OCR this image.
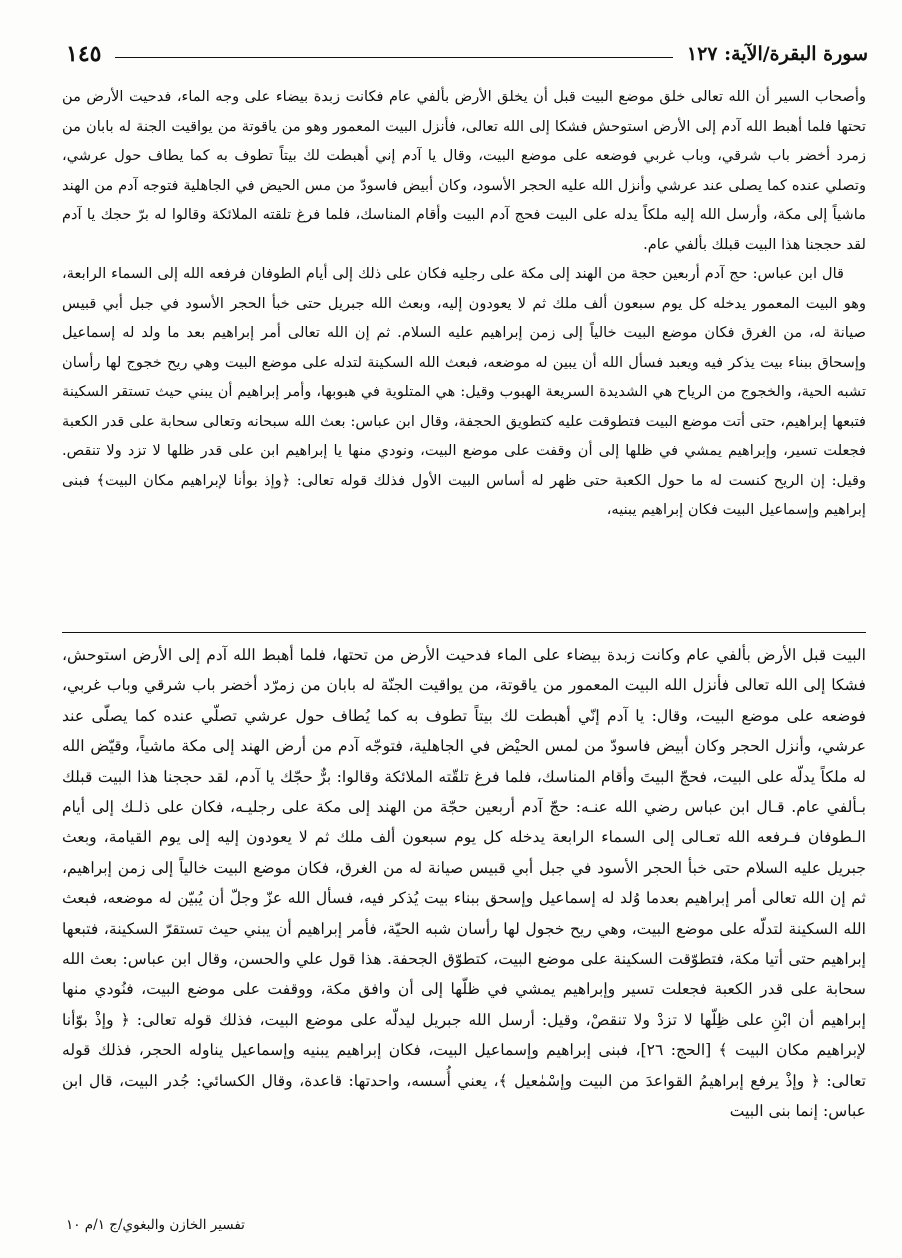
سورة البقرة/الآية: ١٢٧
١٤٥

وأصحاب السير أن الله تعالى خلق موضع البيت قبل أن يخلق الأرض بألفي عام فكانت زبدة بيضاء على وجه الماء، فدحيت الأرض من تحتها فلما أهبط الله آدم إلى الأرض استوحش فشكا إلى الله تعالى، فأنزل البيت المعمور وهو من ياقوتة من يواقيت الجنة له بابان من زمرد أخضر باب شرقي، وباب غربي فوضعه على موضع البيت، وقال يا آدم إني أهبطت لك بيتاً تطوف به كما يطاف حول عرشي، وتصلي عنده كما يصلى عند عرشي وأنزل الله عليه الحجر الأسود، وكان أبيض فاسودّ من مس الحيض في الجاهلية فتوجه آدم من الهند ماشياً إلى مكة، وأرسل الله إليه ملكاً يدله على البيت فحج آدم البيت وأقام المناسك، فلما فرغ تلقته الملائكة وقالوا له برّ حجك يا آدم لقد حججنا هذا البيت قبلك بألفي عام.

قال ابن عباس: حج آدم أربعين حجة من الهند إلى مكة على رجليه فكان على ذلك إلى أيام الطوفان فرفعه الله إلى السماء الرابعة، وهو البيت المعمور يدخله كل يوم سبعون ألف ملك ثم لا يعودون إليه، وبعث الله جبريل حتى خبأ الحجر الأسود في جبل أبي قبيس صيانة له، من الغرق فكان موضع البيت خالياً إلى زمن إبراهيم عليه السلام. ثم إن الله تعالى أمر إبراهيم بعد ما ولد له إسماعيل وإسحاق ببناء بيت يذكر فيه ويعبد فسأل الله أن يبين له موضعه، فبعث الله السكينة لتدله على موضع البيت وهي ريح خجوج لها رأسان تشبه الحية، والخجوج من الرياح هي الشديدة السريعة الهبوب وقيل: هي المتلوية في هبوبها، وأمر إبراهيم أن يبني حيث تستقر السكينة فتبعها إبراهيم، حتى أتت موضع البيت فتطوقت عليه كتطويق الحجفة، وقال ابن عباس: بعث الله سبحانه وتعالى سحابة على قدر الكعبة فجعلت تسير، وإبراهيم يمشي في ظلها إلى أن وقفت على موضع البيت، ونودي منها يا إبراهيم ابن على قدر ظلها لا تزد ولا تنقص. وقيل: إن الريح كنست له ما حول الكعبة حتى ظهر له أساس البيت الأول فذلك قوله تعالى: ﴿وإذ بوأنا لإبراهيم مكان البيت﴾ فبنى إبراهيم وإسماعيل البيت فكان إبراهيم يبنيه،

البيت قبل الأرض بألفي عام وكانت زبدة بيضاء على الماء فدحيت الأرض من تحتها، فلما أهبط الله آدم إلى الأرض استوحش، فشكا إلى الله تعالى فأنزل الله البيت المعمور من ياقوتة، من يواقيت الجنّة له بابان من زمرّد أخضر باب شرقي وباب غربي، فوضعه على موضع البيت، وقال: يا آدم إنّي أهبطت لك بيتاً تطوف به كما يُطاف حول عرشي تصلّي عنده كما يصلّى عند عرشي، وأنزل الحجر وكان أبيض فاسودّ من لمس الحيْض في الجاهلية، فتوجّه آدم من أرض الهند إلى مكة ماشياً، وقيّض الله له ملكاً يدلّه على البيت، فحجّ البيتَ وأقام المناسك، فلما فرغ تلقّته الملائكة وقالوا: برٌّ حجّك يا آدم، لقد حججنا هذا البيت قبلك بـألفي عام. قـال ابن عباس رضي الله عنـه: حجّ آدم أربعين حجّة من الهند إلى مكة على رجليـه، فكان على ذلـك إلى أيام الـطوفان فـرفعه الله تعـالى إلى السماء الرابعة يدخله كل يوم سبعون ألف ملك ثم لا يعودون إليه إلى يوم القيامة، وبعث جبريل عليه السلام حتى خبأ الحجر الأسود في جبل أبي قبيس صيانة له من الغرق، فكان موضع البيت خالياً إلى زمن إبراهيم، ثم إن الله تعالى أمر إبراهيم بعدما وُلد له إسماعيل وإسحق ببناء بيت يُذكر فيه، فسأل الله عزّ وجلّ أن يُبيّن له موضعه، فبعث الله السكينة لتدلّه على موضع البيت، وهي ريح خجول لها رأسان شبه الحيّة، فأمر إبراهيم أن يبني حيث تستقرّ السكينة، فتبعها إبراهيم حتى أتيا مكة، فتطوّقت السكينة على موضع البيت، كتطوّق الجحفة. هذا قول علي والحسن، وقال ابن عباس: بعث الله سحابة على قدر الكعبة فجعلت تسير وإبراهيم يمشي في ظلّها إلى أن وافق مكة، ووقفت على موضع البيت، فنُودي منها إبراهيم أن ابْنِ على ظِلّها لا تزدْ ولا تنقصْ، وقيل: أرسل الله جبريل ليدلّه على موضع البيت، فذلك قوله تعالى: ﴿ وإذْ بوّأنا لإبراهيم مكان البيت ﴾ [الحج: ٢٦]، فبنى إبراهيم وإسماعيل البيت، فكان إبراهيم يبنيه وإسماعيل يناوله الحجر، فذلك قوله تعالى: ﴿ وإذْ يرفع إبراهيمُ القواعدَ من البيت وإسْمٰعيل ﴾، يعني أُسسه، واحدتها: قاعدة، وقال الكسائي: جُدر البيت، قال ابن عباس: إنما بنى البيت

تفسير الخازن والبغوي/ج ١/م ١٠
